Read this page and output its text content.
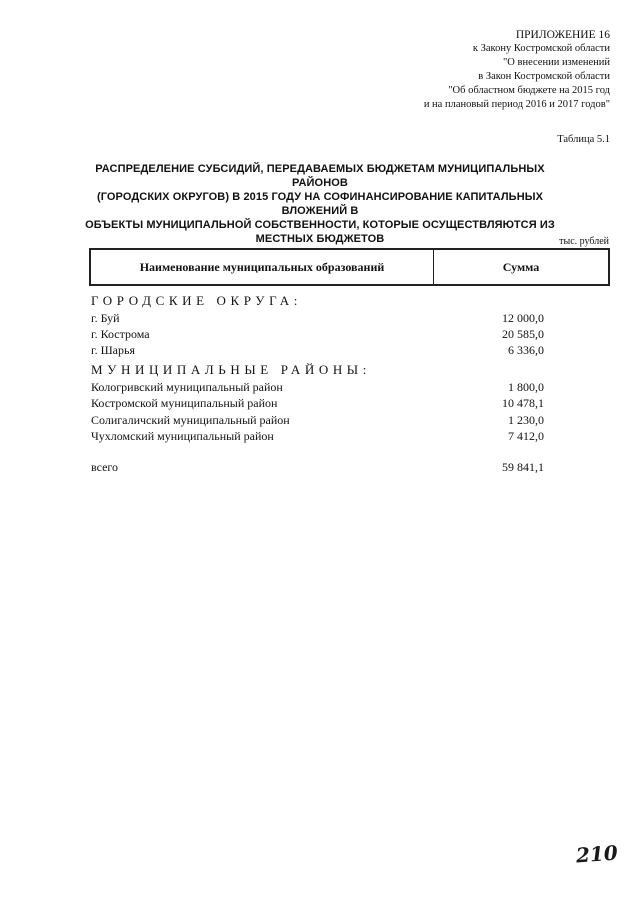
ПРИЛОЖЕНИЕ 16
к Закону Костромской области
"О внесении изменений
в Закон Костромской области
"Об областном бюджете на 2015 год
и на плановый период 2016 и 2017 годов"
Таблица 5.1
РАСПРЕДЕЛЕНИЕ СУБСИДИЙ, ПЕРЕДАВАЕМЫХ БЮДЖЕТАМ МУНИЦИПАЛЬНЫХ РАЙОНОВ
(ГОРОДСКИХ ОКРУГОВ) В 2015 ГОДУ НА СОФИНАНСИРОВАНИЕ КАПИТАЛЬНЫХ ВЛОЖЕНИЙ В
ОБЪЕКТЫ МУНИЦИПАЛЬНОЙ СОБСТВЕННОСТИ, КОТОРЫЕ ОСУЩЕСТВЛЯЮТСЯ ИЗ
МЕСТНЫХ БЮДЖЕТОВ	тыс. рублей
Наименование муниципальных образований	Сумма
ГОРОДСКИЕ ОКРУГА:
г. Буй	12 000,0
г. Кострома	20 585,0
г. Шарья	6 336,0
МУНИЦИПАЛЬНЫЕ РАЙОНЫ:
Кологривский муниципальный район	1 800,0
Костромской муниципальный район	10 478,1
Солигаличский муниципальный район	1 230,0
Чухломский муниципальный район	7 412,0
всего	59 841,1
210
